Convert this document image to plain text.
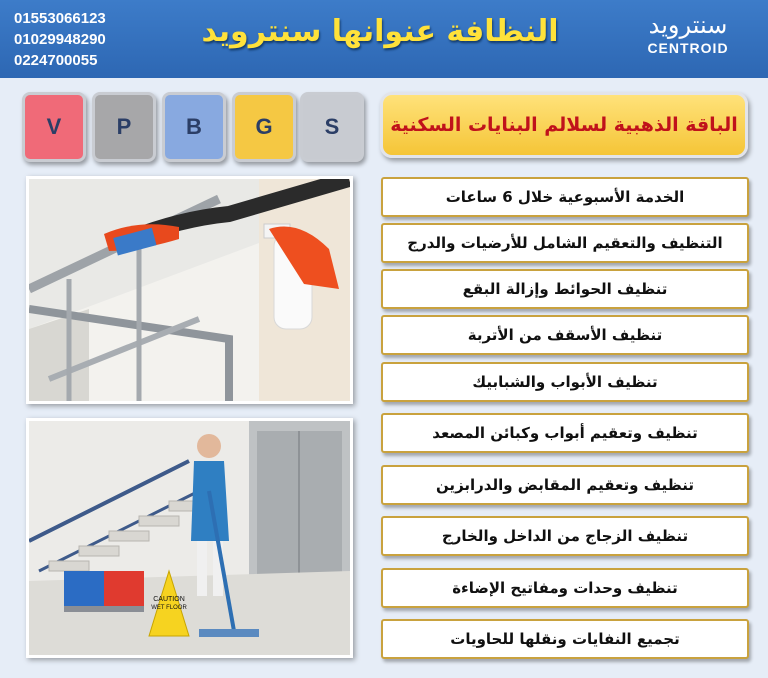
01553066123
01029948290
0224700055
النظافة عنوانها سنترويد	سنترويد
CENTROID
V	P	B	G	S	الباقة الذهبية لسلالم البنايات السكنية
CAUTION
WET FLOOR
الخدمة الأسبوعية خلال 6 ساعات
التنظيف والتعقيم الشامل للأرضيات والدرج
تنظيف الحوائط وإزالة البقع
تنظيف الأسقف من الأتربة
تنظيف الأبواب والشبابيك
تنظيف وتعقيم أبواب وكبائن المصعد
تنظيف وتعقيم المقابض والدرابزين
تنظيف الزجاج من الداخل والخارج
تنظيف وحدات ومفاتيح الإضاءة
تجميع النفايات ونقلها للحاويات
